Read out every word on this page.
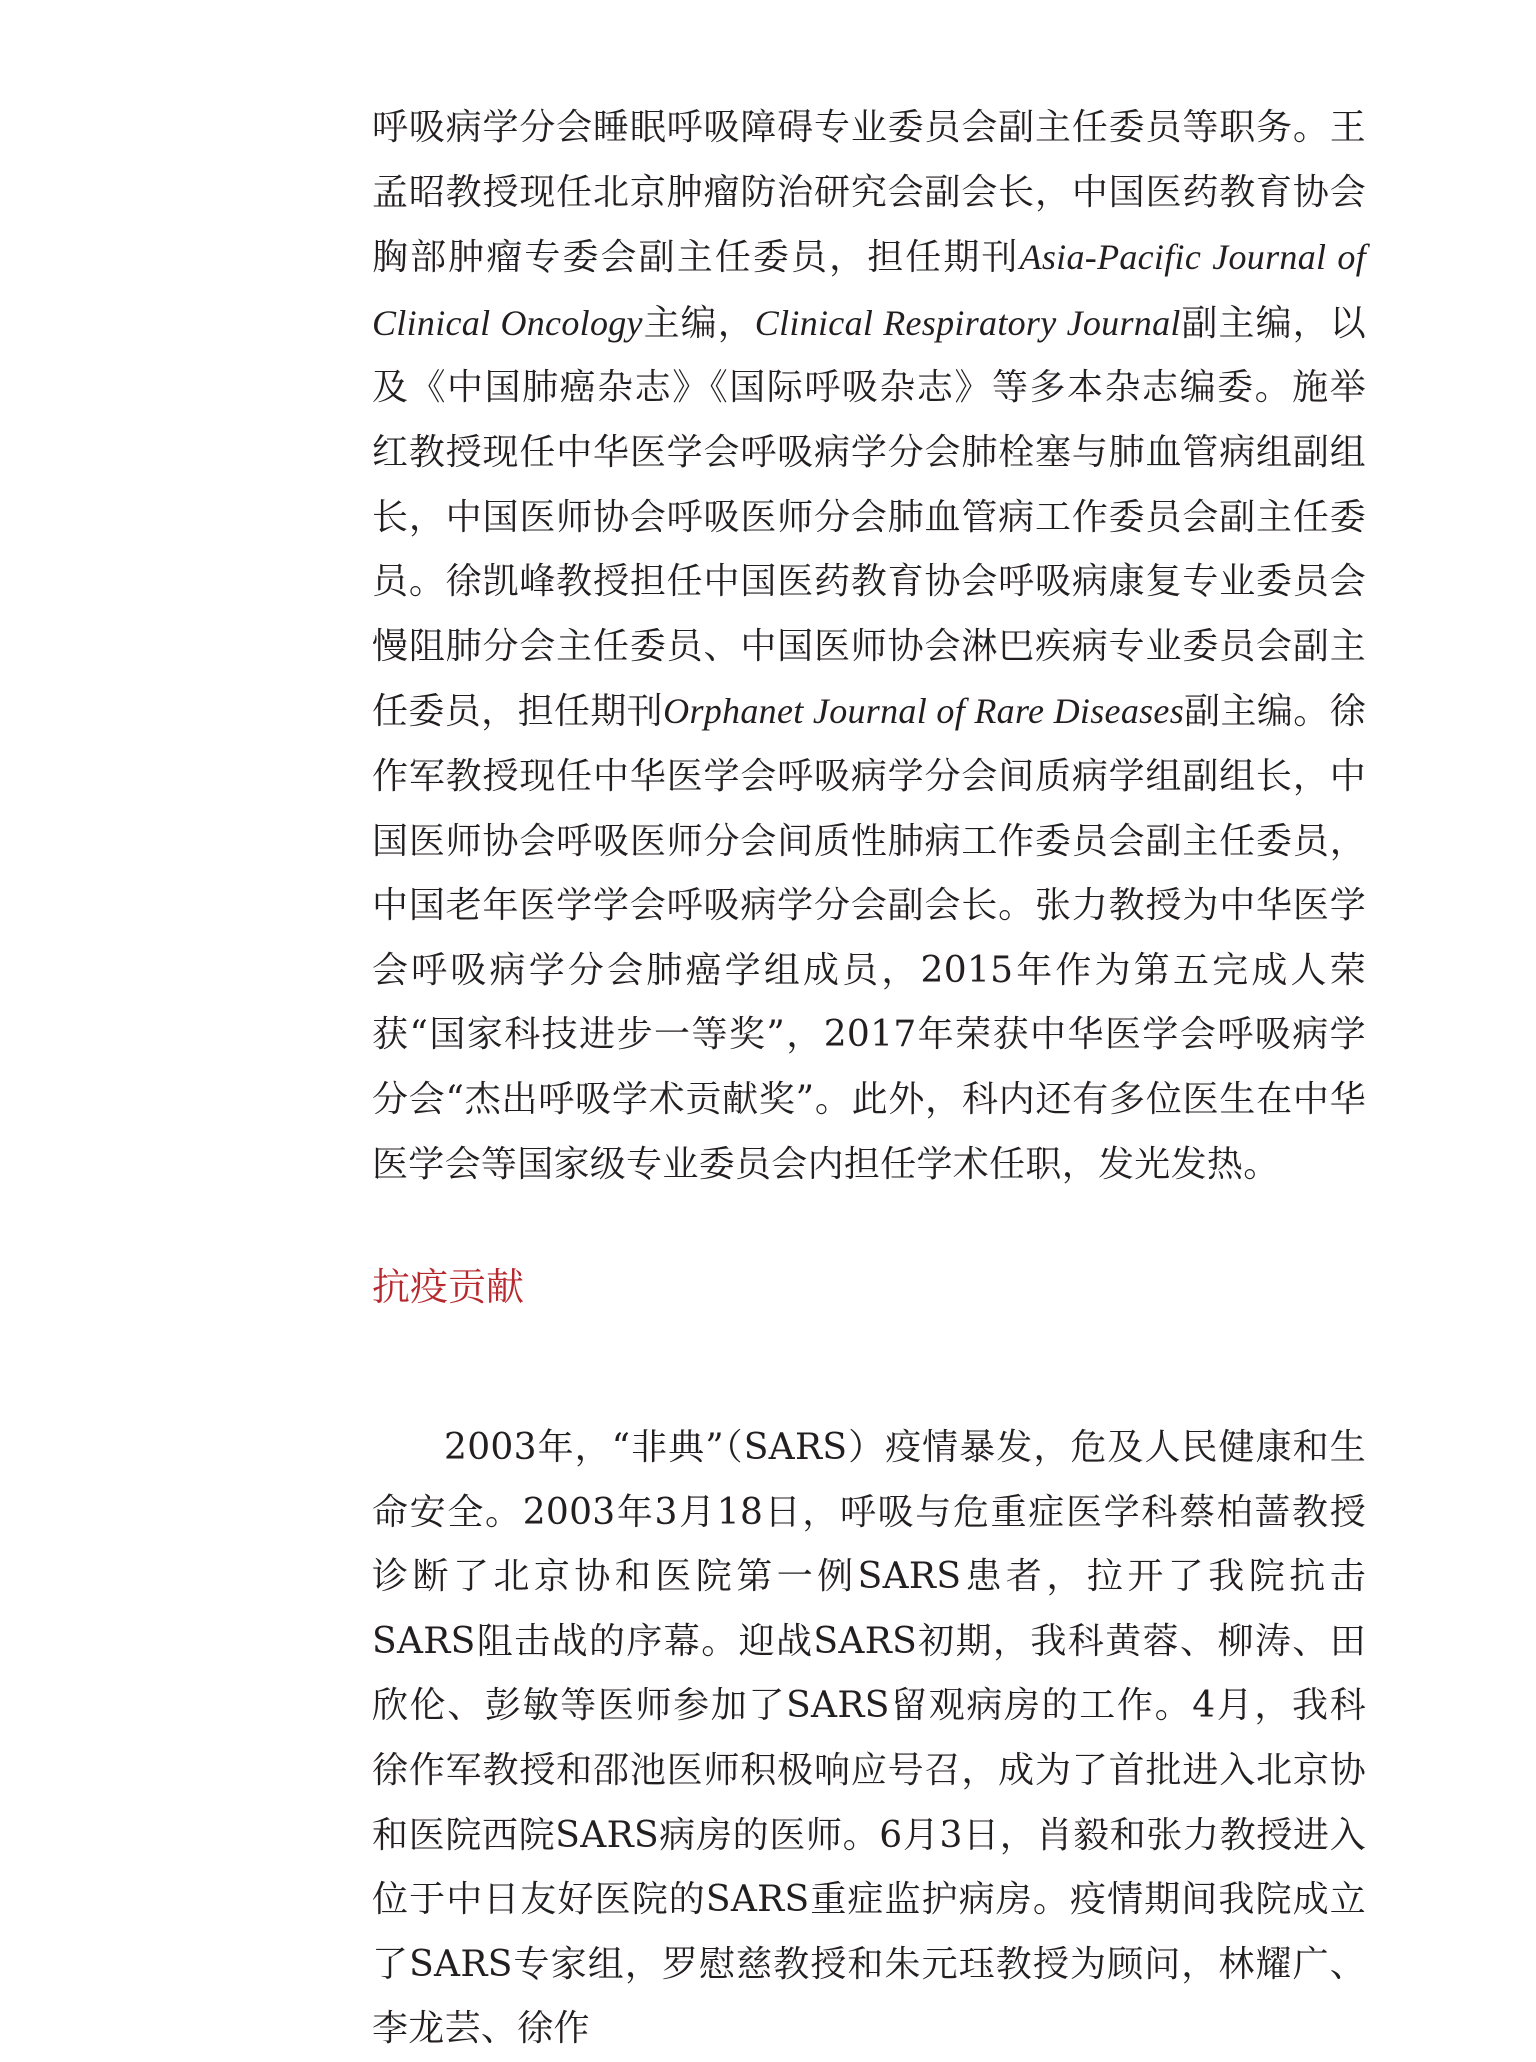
呼吸病学分会睡眠呼吸障碍专业委员会副主任委员等职务。王孟昭教授现任北京肿瘤防治研究会副会长，中国医药教育协会胸部肿瘤专委会副主任委员，担任期刊Asia-Pacific Journal of Clinical Oncology主编，Clinical Respiratory Journal副主编，以及《中国肺癌杂志》《国际呼吸杂志》等多本杂志编委。施举红教授现任中华医学会呼吸病学分会肺栓塞与肺血管病组副组长，中国医师协会呼吸医师分会肺血管病工作委员会副主任委员。徐凯峰教授担任中国医药教育协会呼吸病康复专业委员会慢阻肺分会主任委员、中国医师协会淋巴疾病专业委员会副主任委员，担任期刊Orphanet Journal of Rare Diseases副主编。徐作军教授现任中华医学会呼吸病学分会间质病学组副组长，中国医师协会呼吸医师分会间质性肺病工作委员会副主任委员，中国老年医学学会呼吸病学分会副会长。张力教授为中华医学会呼吸病学分会肺癌学组成员，2015年作为第五完成人荣获“国家科技进步一等奖”，2017年荣获中华医学会呼吸病学分会“杰出呼吸学术贡献奖”。此外，科内还有多位医生在中华医学会等国家级专业委员会内担任学术任职，发光发热。

抗疫贡献

2003年，“非典”（SARS）疫情暴发，危及人民健康和生命安全。2003年3月18日，呼吸与危重症医学科蔡柏蔷教授诊断了北京协和医院第一例SARS患者，拉开了我院抗击SARS阻击战的序幕。迎战SARS初期，我科黄蓉、柳涛、田欣伦、彭敏等医师参加了SARS留观病房的工作。4月，我科徐作军教授和邵池医师积极响应号召，成为了首批进入北京协和医院西院SARS病房的医师。6月3日，肖毅和张力教授进入位于中日友好医院的SARS重症监护病房。疫情期间我院成立了SARS专家组，罗慰慈教授和朱元珏教授为顾问，林耀广、李龙芸、徐作
